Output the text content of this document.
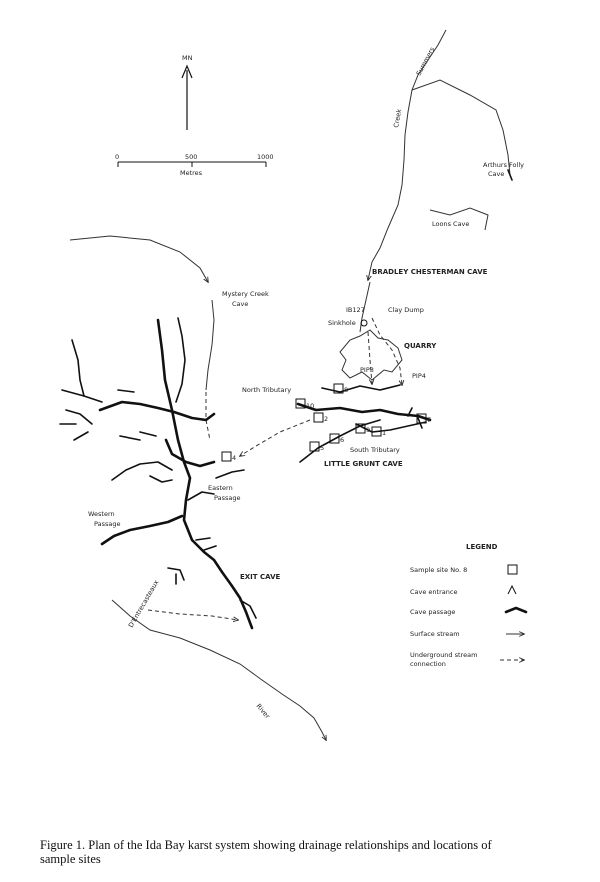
MN
0	500	1000
Metres
Summers
Creek
Arthurs Folly
Cave
Loons Cave
BRADLEY CHESTERMAN CAVE
IB127	Clay Dump
Sinkhole
QUARRY
PIP3
PIP4
LITTLE GRUNT CAVE
Mystery Creek
Cave
Eastern
Passage
Western
Passage
EXIT CAVE
D'Entrecasteaux
River
North Tributary
South Tributary
10
8
2	7
9 1
5
6
4
LEGEND
Sample site No. 8
Cave entrance
Cave passage
Surface stream
Underground stream
connection
Figure 1. Plan of the Ida Bay karst system showing drainage relationships and locations of
sample sites
